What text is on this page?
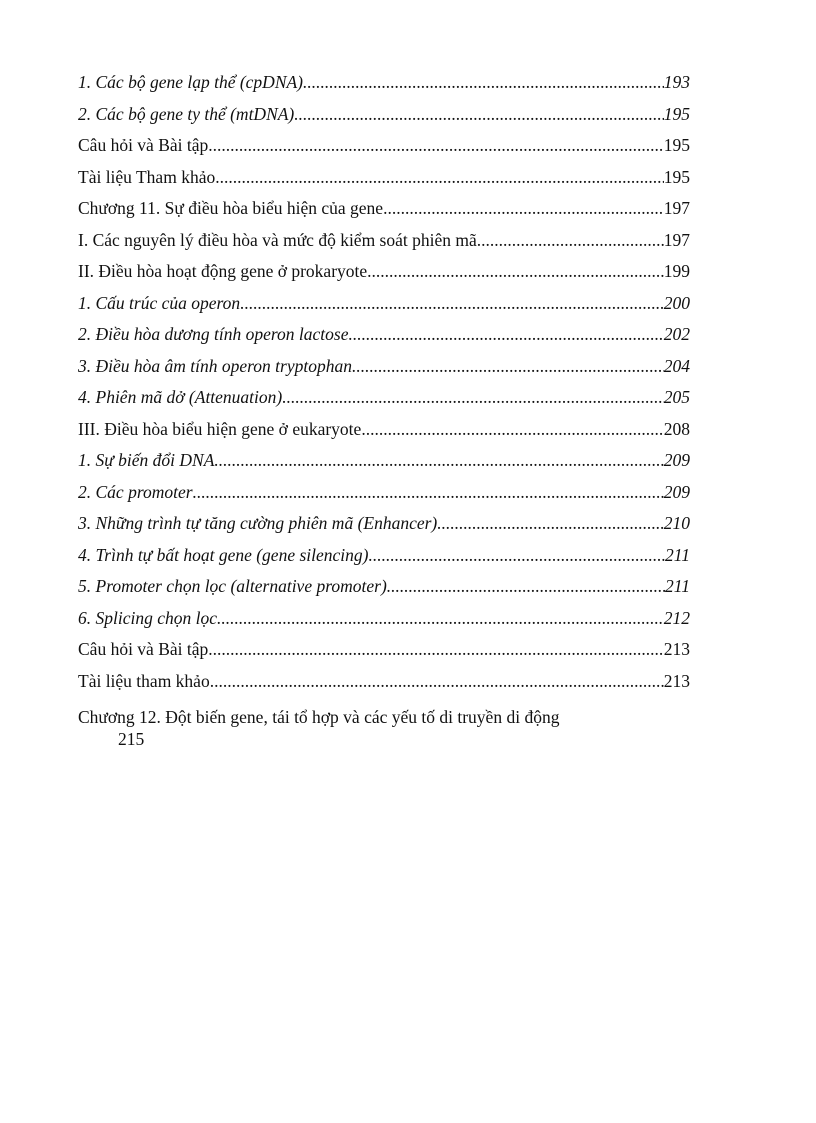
1. Các bộ gene lạp thể (cpDNA) .....	193
2. Các bộ gene ty thể (mtDNA) .....	195
Câu hỏi và Bài tập .....	195
Tài liệu Tham khảo .....	195
Chương 11. Sự điều hòa biểu hiện của gene .....	197
I. Các nguyên lý điều hòa và mức độ kiểm soát phiên mã .....	197
II. Điều hòa hoạt động gene ở prokaryote .....	199
1. Cấu trúc của operon .....	200
2. Điều hòa dương tính operon lactose .....	202
3. Điều hòa âm tính operon tryptophan .....	204
4. Phiên mã dở (Attenuation) .....	205
III. Điều hòa biểu hiện gene ở eukaryote .....	208
1. Sự biến đổi DNA .....	209
2. Các promoter .....	209
3. Những trình tự tăng cường phiên mã (Enhancer) .....	210
4. Trình tự bất hoạt gene (gene silencing) .....	211
5. Promoter chọn lọc (alternative promoter) .....	211
6. Splicing chọn lọc .....	212
Câu hỏi và Bài tập .....	213
Tài liệu tham khảo .....	213
Chương 12. Đột biến gene, tái tổ hợp và các yếu tố di truyền di động
215
